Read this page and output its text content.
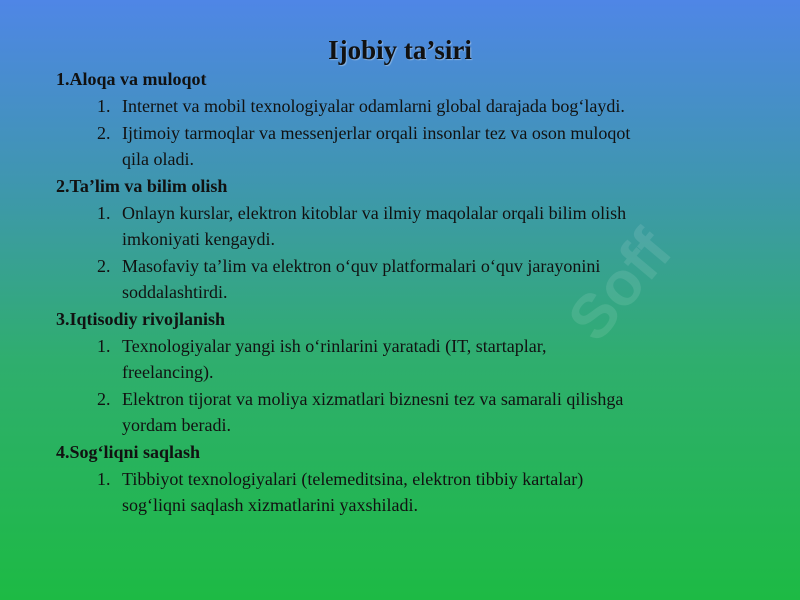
Soff
Ijobiy ta’siri
1.Aloqa va muloqot
1. Internet va mobil texnologiyalar odamlarni global darajada bog‘laydi.
2. Ijtimoiy tarmoqlar va messenjerlar orqali insonlar tez va oson muloqot
qila oladi.
2.Ta’lim va bilim olish
1. Onlayn kurslar, elektron kitoblar va ilmiy maqolalar orqali bilim olish
imkoniyati kengaydi.
2. Masofaviy ta’lim va elektron o‘quv platformalari o‘quv jarayonini
soddalashtirdi.
3.Iqtisodiy rivojlanish
1. Texnologiyalar yangi ish o‘rinlarini yaratadi (IT, startaplar,
freelancing).
2. Elektron tijorat va moliya xizmatlari biznesni tez va samarali qilishga
yordam beradi.
4.Sog‘liqni saqlash
1. Tibbiyot texnologiyalari (telemeditsina, elektron tibbiy kartalar)
sog‘liqni saqlash xizmatlarini yaxshiladi.
